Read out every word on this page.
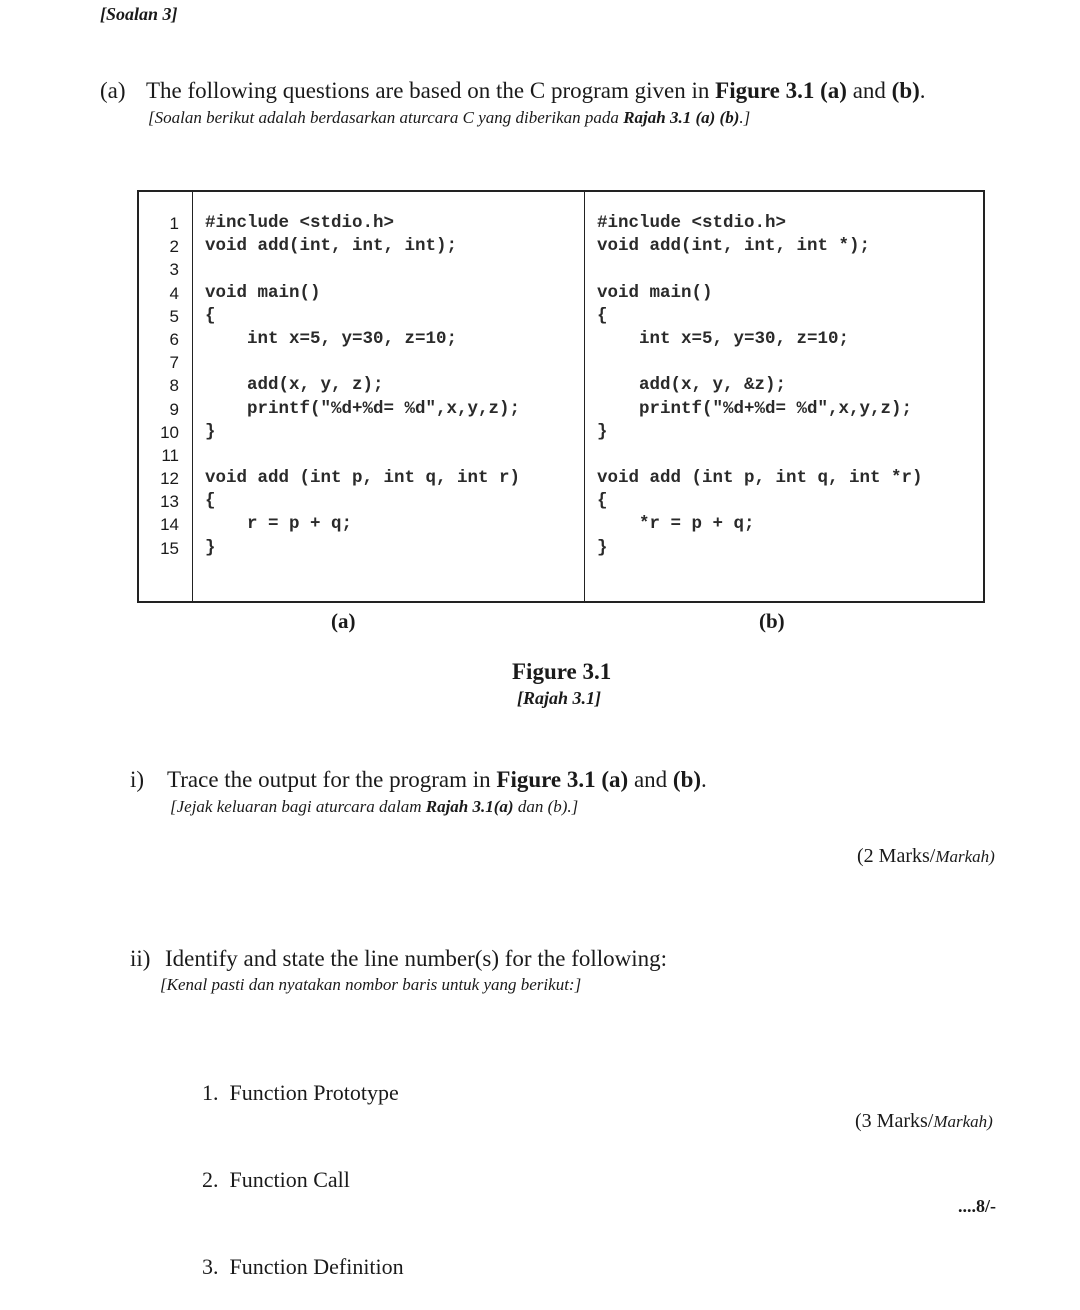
[Soalan 3]
(a) The following questions are based on the C program given in Figure 3.1 (a) and (b).
[Soalan berikut adalah berdasarkan aturcara C yang diberikan pada Rajah 3.1 (a) (b).]
1
2
3
4
5
6
7
8
9
10
11
12
13
14
15
#include <stdio.h>
void add(int, int, int);
void main()
{
int x=5, y=30, z=10;
add(x, y, z);
printf("%d+%d= %d",x,y,z);
}
void add (int p, int q, int r)
{
r = p + q;
}
#include <stdio.h>
void add(int, int, int *);
void main()
{
int x=5, y=30, z=10;
add(x, y, &z);
printf("%d+%d= %d",x,y,z);
}
void add (int p, int q, int *r)
{
*r = p + q;
}
(a)	(b)
Figure 3.1
[Rajah 3.1]
i) Trace the output for the program in Figure 3.1 (a) and (b).
[Jejak keluaran bagi aturcara dalam Rajah 3.1(a) dan (b).]
(2 Marks/Markah)
ii) Identify and state the line number(s) for the following:
[Kenal pasti dan nyatakan nombor baris untuk yang berikut:]

1.  Function Prototype

2.  Function Call

3.  Function Definition

(3 Marks/Markah)
....8/-
